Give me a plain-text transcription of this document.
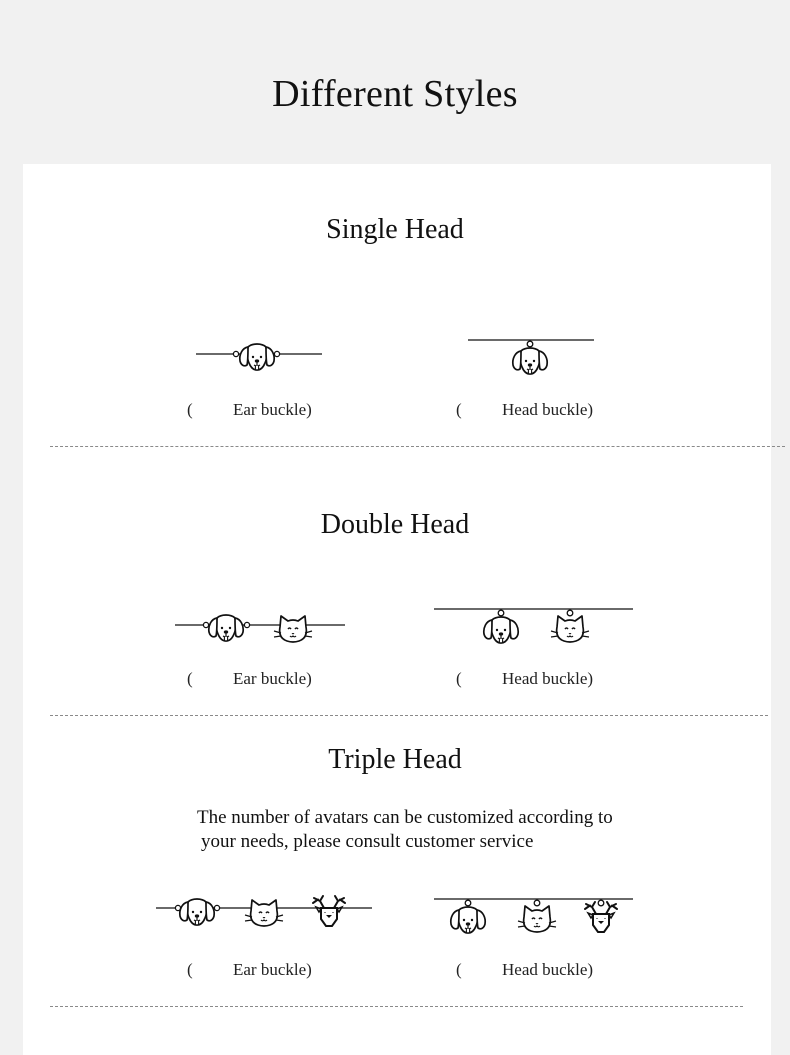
Different Styles
Single Head
Double Head
Triple Head
The number of avatars can be customized according to
your needs, please consult customer service
( Ear buckle)	( Head buckle)
( Ear buckle)	( Head buckle)
( Ear buckle)	( Head buckle)
